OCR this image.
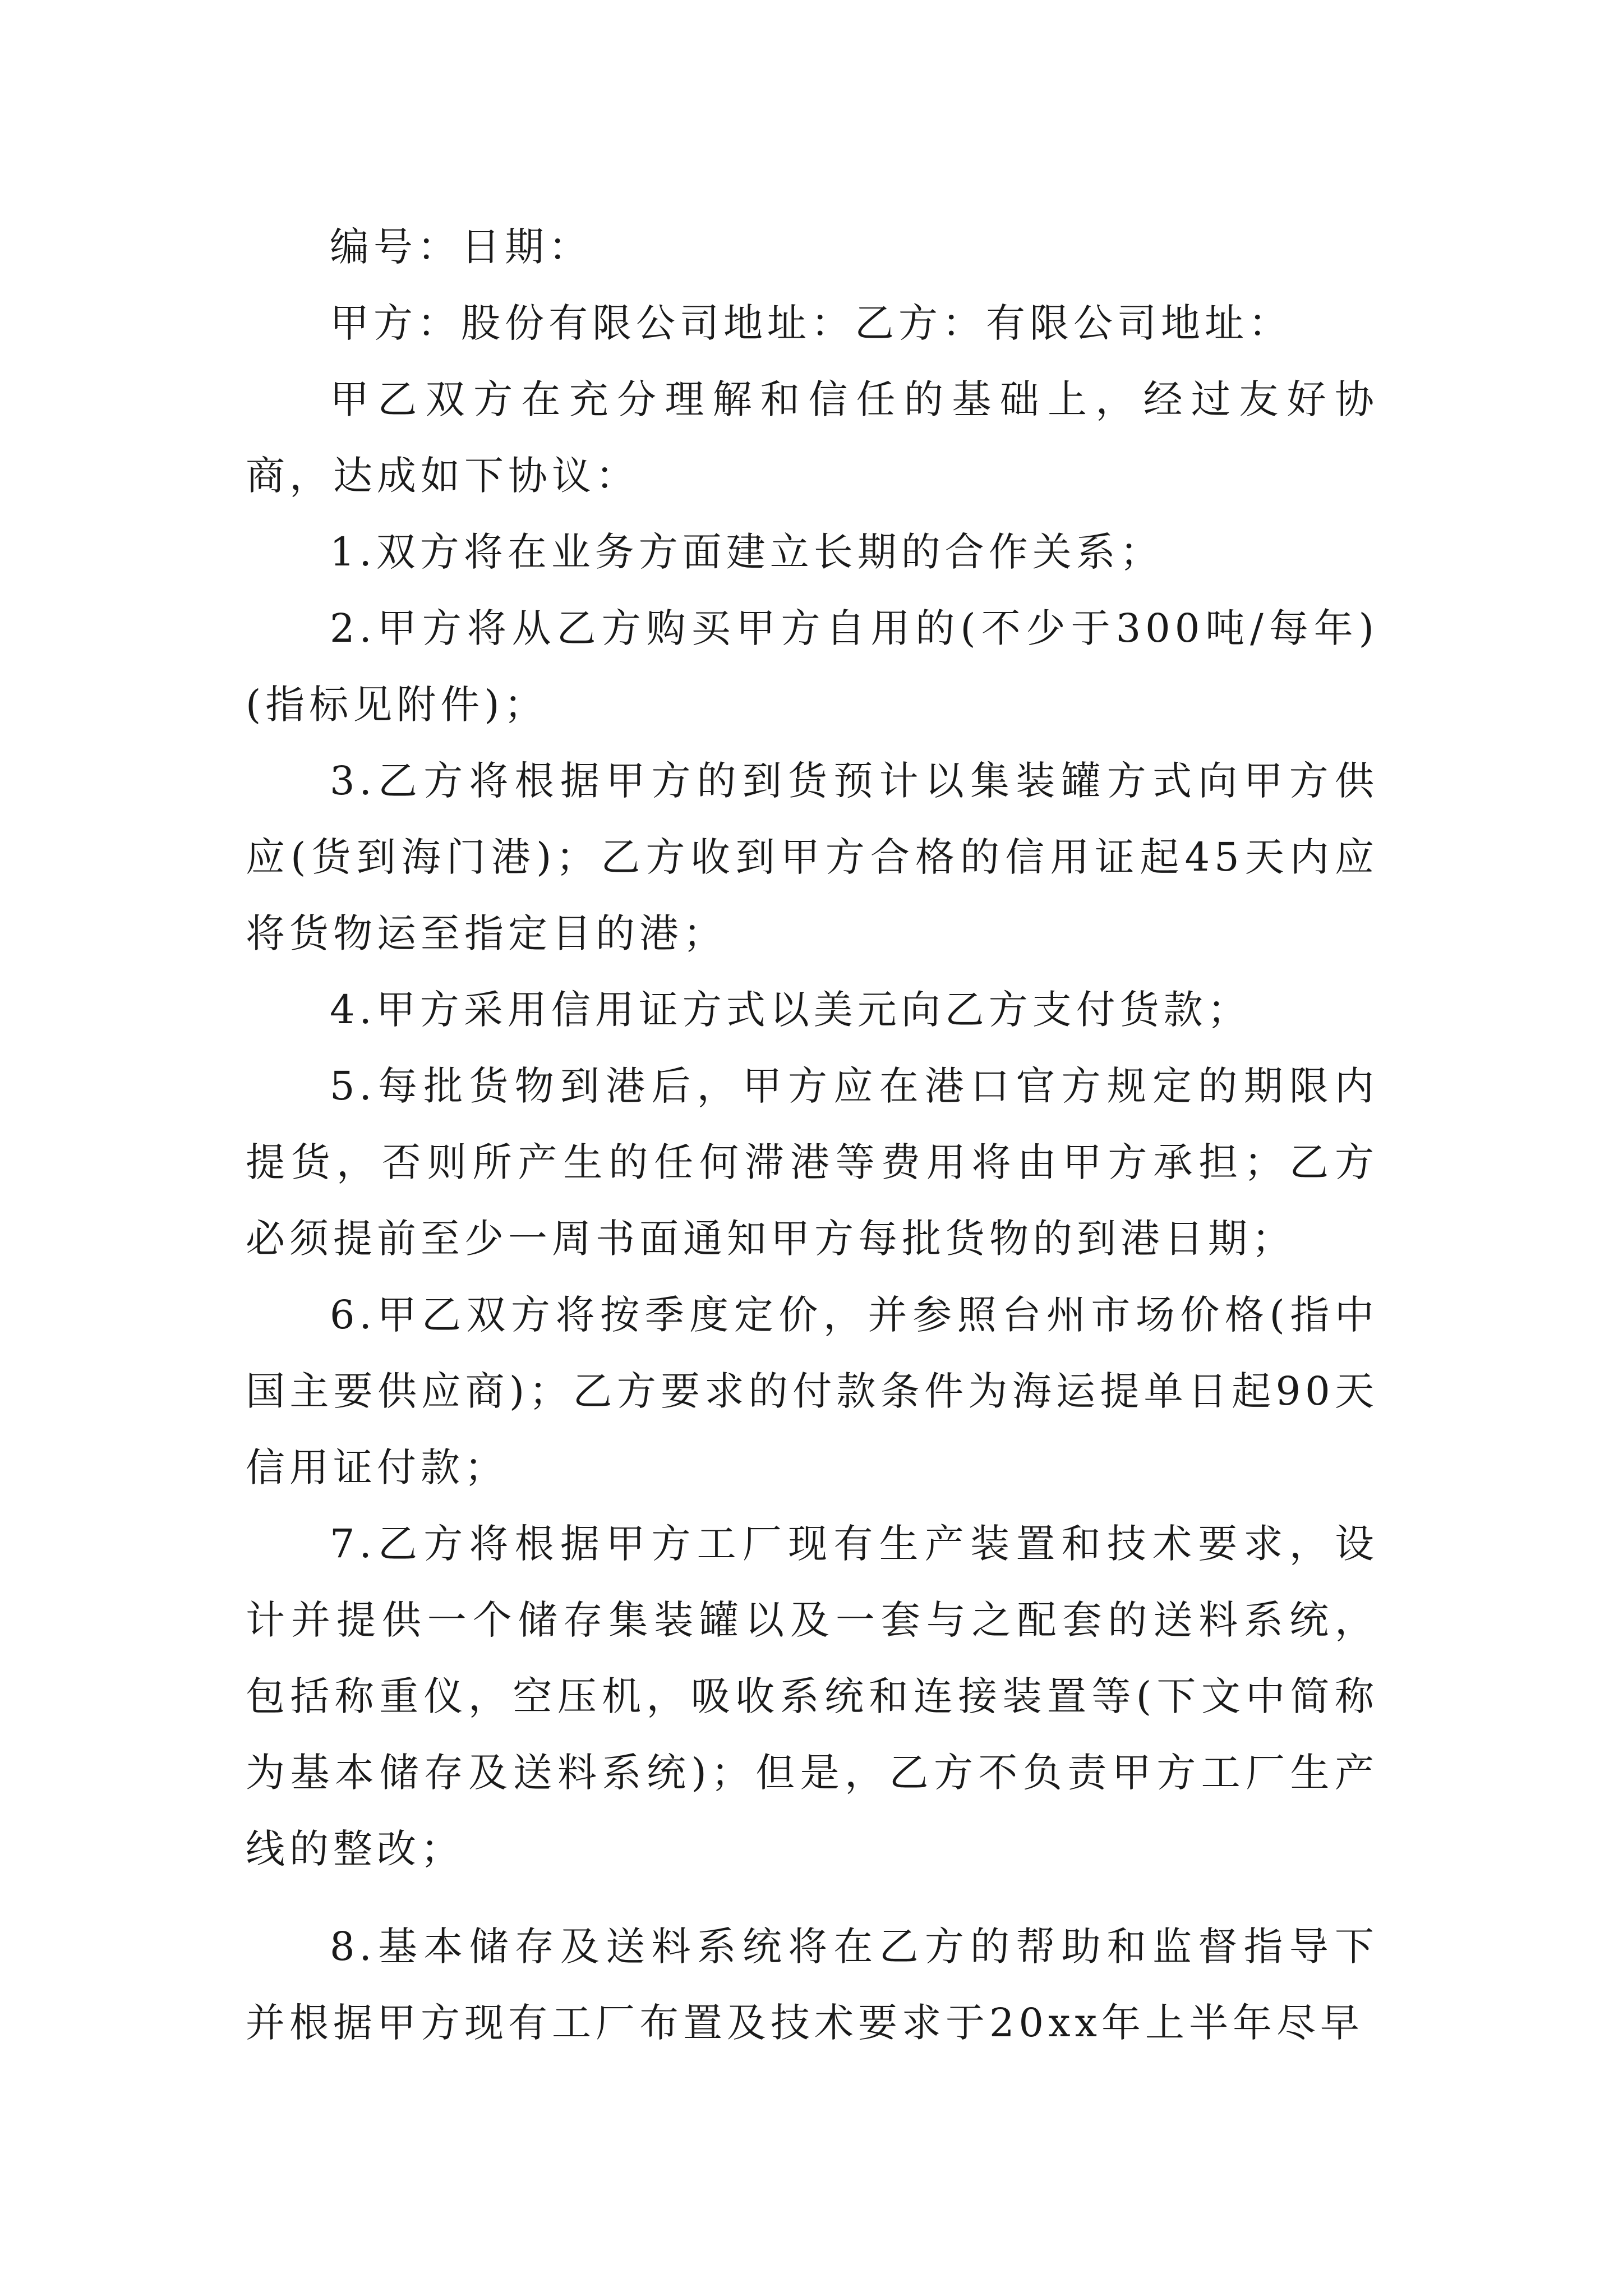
编号：日期：

甲方：股份有限公司地址：乙方：有限公司地址：

甲乙双方在充分理解和信任的基础上，经过友好协商，达成如下协议：

1.双方将在业务方面建立长期的合作关系；

2.甲方将从乙方购买甲方自用的(不少于300吨/每年)(指标见附件)；

3.乙方将根据甲方的到货预计以集装罐方式向甲方供应(货到海门港)；乙方收到甲方合格的信用证起45天内应将货物运至指定目的港；

4.甲方采用信用证方式以美元向乙方支付货款；

5.每批货物到港后，甲方应在港口官方规定的期限内提货，否则所产生的任何滞港等费用将由甲方承担；乙方必须提前至少一周书面通知甲方每批货物的到港日期；

6.甲乙双方将按季度定价，并参照台州市场价格(指中国主要供应商)；乙方要求的付款条件为海运提单日起90天信用证付款；

7.乙方将根据甲方工厂现有生产装置和技术要求，设计并提供一个储存集装罐以及一套与之配套的送料系统，包括称重仪，空压机，吸收系统和连接装置等(下文中简称为基本储存及送料系统)；但是，乙方不负责甲方工厂生产线的整改；

8.基本储存及送料系统将在乙方的帮助和监督指导下并根据甲方现有工厂布置及技术要求于20xx年上半年尽早
